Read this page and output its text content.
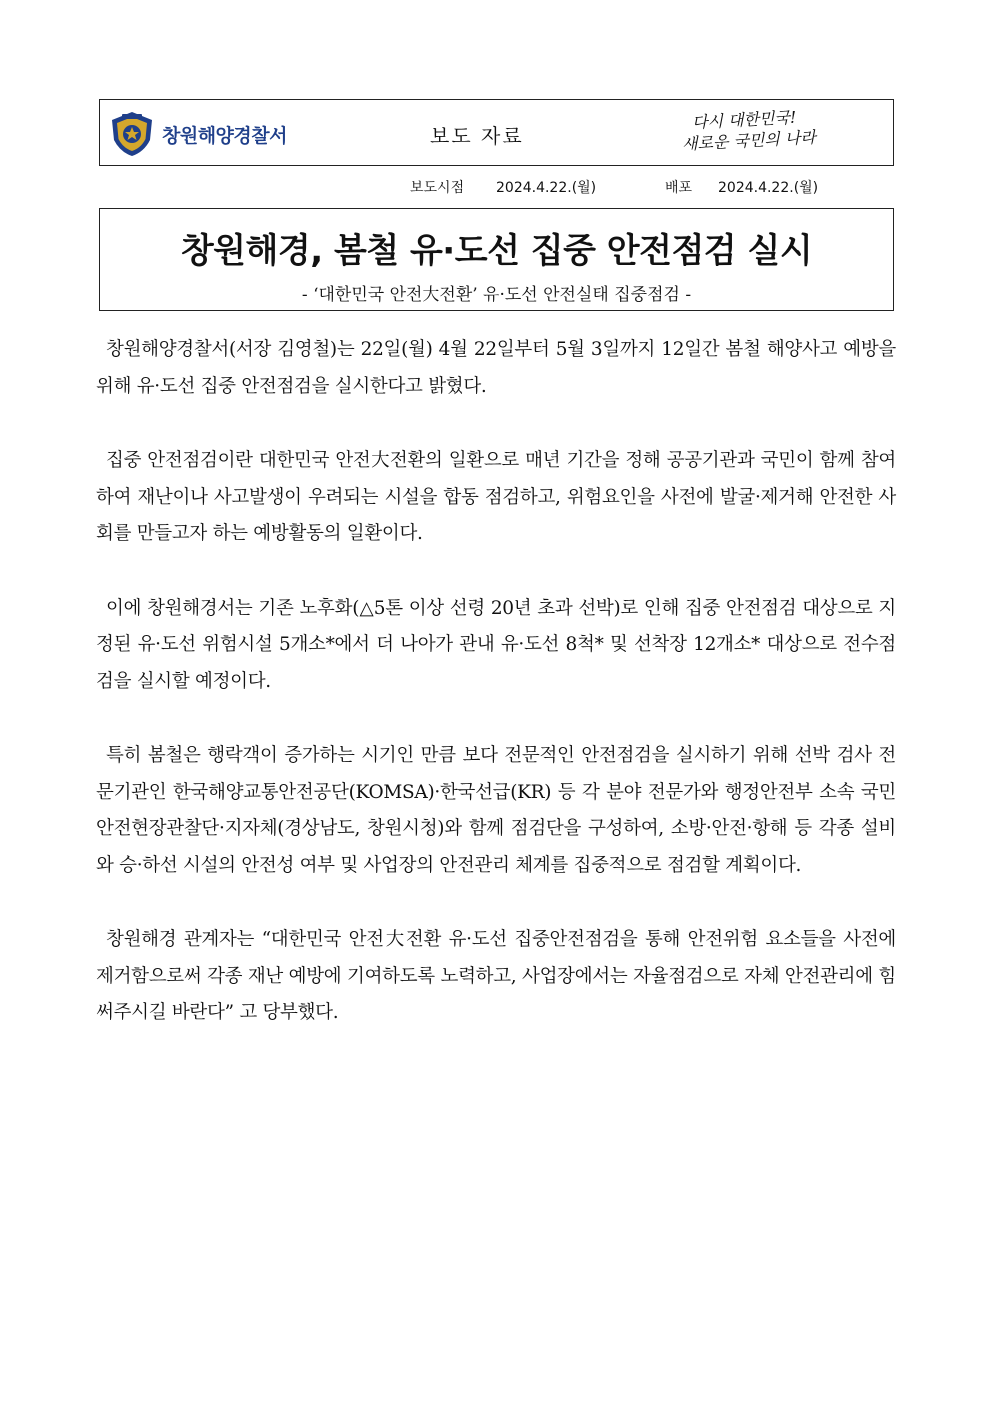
창원해양경찰서	보도 자료
다시 대한민국!
새로운 국민의 나라
보도시점 2024.4.22.(월)	배포 2024.4.22.(월)
창원해경, 봄철 유·도선 집중 안전점검 실시
- ‘대한민국 안전大전환’ 유·도선 안전실태 집중점검 -

창원해양경찰서(서장 김영철)는 22일(월) 4월 22일부터 5월 3일까지 12일간 봄철 해양사고 예방을 위해 유·도선 집중 안전점검을 실시한다고 밝혔다.

집중 안전점검이란 대한민국 안전大전환의 일환으로 매년 기간을 정해 공공기관과 국민이 함께 참여하여 재난이나 사고발생이 우려되는 시설을 합동 점검하고, 위험요인을 사전에 발굴·제거해 안전한 사회를 만들고자 하는 예방활동의 일환이다.

이에 창원해경서는 기존 노후화(△5톤 이상 선령 20년 초과 선박)로 인해 집중 안전점검 대상으로 지정된 유·도선 위험시설 5개소*에서 더 나아가 관내 유·도선 8척* 및 선착장 12개소* 대상으로 전수점검을 실시할 예정이다.

특히 봄철은 행락객이 증가하는 시기인 만큼 보다 전문적인 안전점검을 실시하기 위해 선박 검사 전문기관인 한국해양교통안전공단(KOMSA)·한국선급(KR) 등 각 분야 전문가와 행정안전부 소속 국민안전현장관찰단·지자체(경상남도, 창원시청)와 함께 점검단을 구성하여, 소방·안전·항해 등 각종 설비와 승·하선 시설의 안전성 여부 및 사업장의 안전관리 체계를 집중적으로 점검할 계획이다.

창원해경 관계자는 “대한민국 안전大전환 유·도선 집중안전점검을 통해 안전위험 요소들을 사전에 제거함으로써 각종 재난 예방에 기여하도록 노력하고, 사업장에서는 자율점검으로 자체 안전관리에 힘써주시길 바란다” 고 당부했다.
